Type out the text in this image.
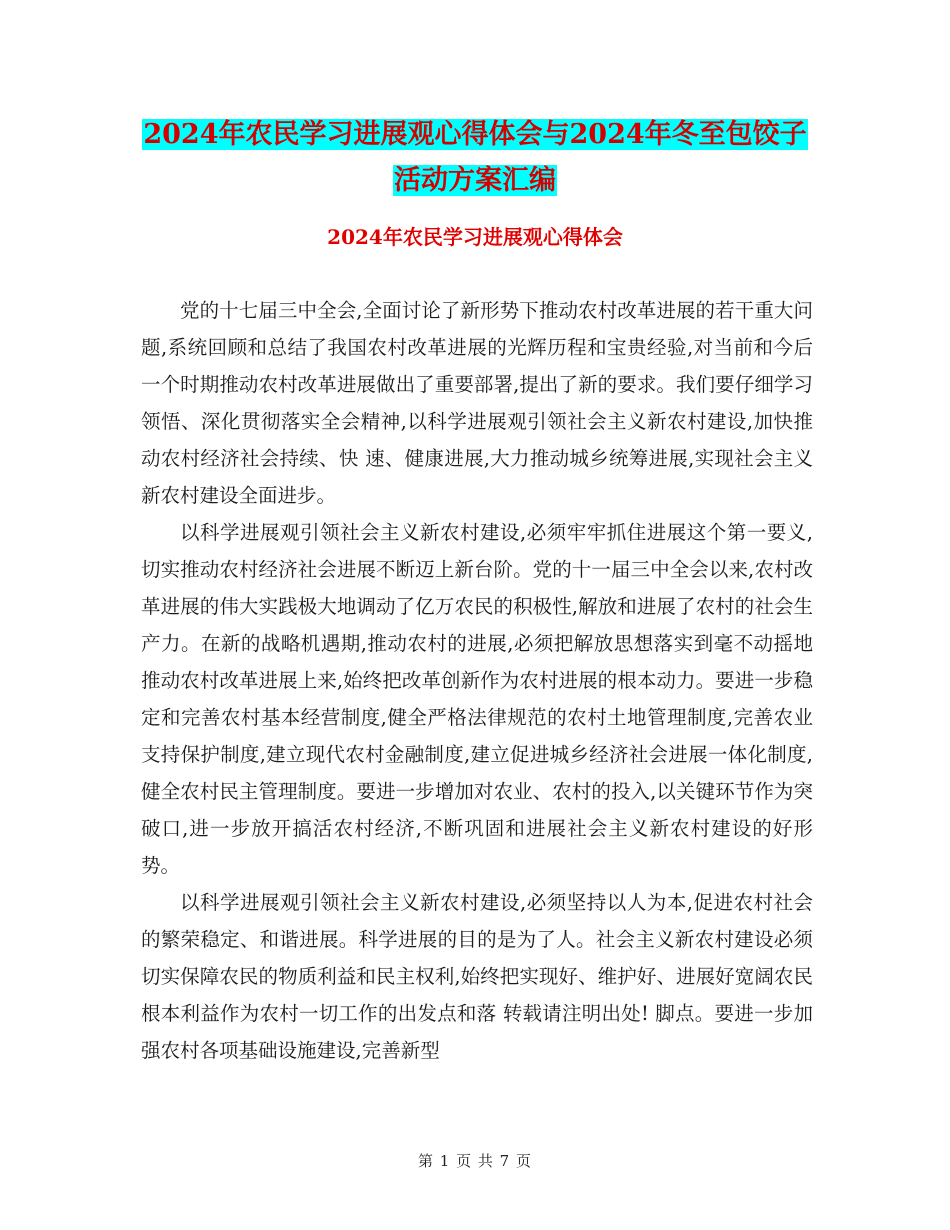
2024年农民学习进展观心得体会与2024年冬至包饺子
活动方案汇编
2024年农民学习进展观心得体会

党的十七届三中全会,全面讨论了新形势下推动农村改革进展的若干重大问题,系统回顾和总结了我国农村改革进展的光辉历程和宝贵经验,对当前和今后一个时期推动农村改革进展做出了重要部署,提出了新的要求。我们要仔细学习领悟、深化贯彻落实全会精神,以科学进展观引领社会主义新农村建设,加快推动农村经济社会持续、快 速、健康进展,大力推动城乡统筹进展,实现社会主义新农村建设全面进步。

以科学进展观引领社会主义新农村建设,必须牢牢抓住进展这个第一要义,切实推动农村经济社会进展不断迈上新台阶。党的十一届三中全会以来,农村改革进展的伟大实践极大地调动了亿万农民的积极性,解放和进展了农村的社会生产力。在新的战略机遇期,推动农村的进展,必须把解放思想落实到毫不动摇地推动农村改革进展上来,始终把改革创新作为农村进展的根本动力。要进一步稳定和完善农村基本经营制度,健全严格法律规范的农村土地管理制度,完善农业支持保护制度,建立现代农村金融制度,建立促进城乡经济社会进展一体化制度,健全农村民主管理制度。要进一步增加对农业、农村的投入,以关键环节作为突破口,进一步放开搞活农村经济,不断巩固和进展社会主义新农村建设的好形势。

以科学进展观引领社会主义新农村建设,必须坚持以人为本,促进农村社会的繁荣稳定、和谐进展。科学进展的目的是为了人。社会主义新农村建设必须切实保障农民的物质利益和民主权利,始终把实现好、维护好、进展好宽阔农民根本利益作为农村一切工作的出发点和落 转载请注明出处! 脚点。要进一步加强农村各项基础设施建设,完善新型

第 1 页 共 7 页
